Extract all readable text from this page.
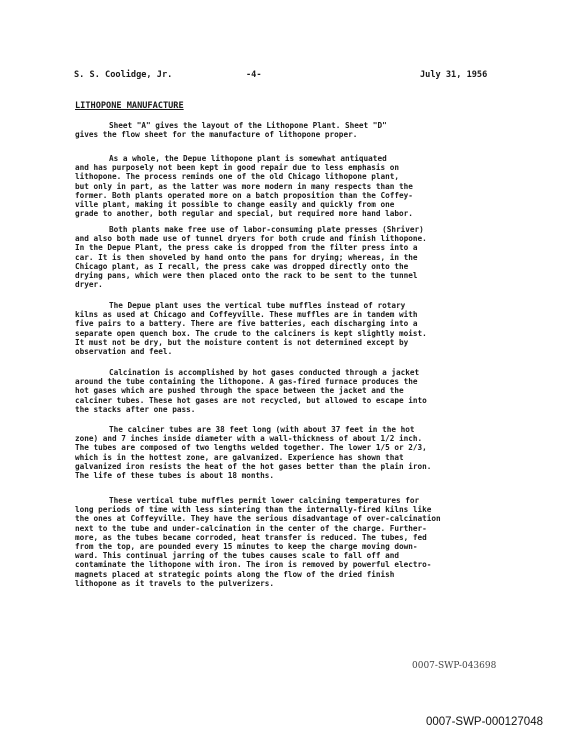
S. S. Coolidge, Jr.	-4-	July 31, 1956
LITHOPONE MANUFACTURE
Sheet "A" gives the layout of the Lithopone Plant. Sheet "D"
gives the flow sheet for the manufacture of lithopone proper.
As a whole, the Depue lithopone plant is somewhat antiquated
and has purposely not been kept in good repair due to less emphasis on
lithopone. The process reminds one of the old Chicago lithopone plant,
but only in part, as the latter was more modern in many respects than the
former. Both plants operated more on a batch proposition than the Coffey-
ville plant, making it possible to change easily and quickly from one
grade to another, both regular and special, but required more hand labor.
Both plants make free use of labor-consuming plate presses (Shriver)
and also both made use of tunnel dryers for both crude and finish lithopone.
In the Depue Plant, the press cake is dropped from the filter press into a
car. It is then shoveled by hand onto the pans for drying; whereas, in the
Chicago plant, as I recall, the press cake was dropped directly onto the
drying pans, which were then placed onto the rack to be sent to the tunnel
dryer.
The Depue plant uses the vertical tube muffles instead of rotary
kilns as used at Chicago and Coffeyville. These muffles are in tandem with
five pairs to a battery. There are five batteries, each discharging into a
separate open quench box. The crude to the calciners is kept slightly moist.
It must not be dry, but the moisture content is not determined except by
observation and feel.
Calcination is accomplished by hot gases conducted through a jacket
around the tube containing the lithopone. A gas-fired furnace produces the
hot gases which are pushed through the space between the jacket and the
calciner tubes. These hot gases are not recycled, but allowed to escape into
the stacks after one pass.
The calciner tubes are 38 feet long (with about 37 feet in the hot
zone) and 7 inches inside diameter with a wall-thickness of about 1/2 inch.
The tubes are composed of two lengths welded together. The lower 1/5 or 2/3,
which is in the hottest zone, are galvanized. Experience has shown that
galvanized iron resists the heat of the hot gases better than the plain iron.
The life of these tubes is about 18 months.
These vertical tube muffles permit lower calcining temperatures for
long periods of time with less sintering than the internally-fired kilns like
the ones at Coffeyville. They have the serious disadvantage of over-calcination
next to the tube and under-calcination in the center of the charge. Further-
more, as the tubes became corroded, heat transfer is reduced. The tubes, fed
from the top, are pounded every 15 minutes to keep the charge moving down-
ward. This continual jarring of the tubes causes scale to fall off and
contaminate the lithopone with iron. The iron is removed by powerful electro-
magnets placed at strategic points along the flow of the dried finish
lithopone as it travels to the pulverizers.
0007-SWP-043698
0007-SWP-000127048
